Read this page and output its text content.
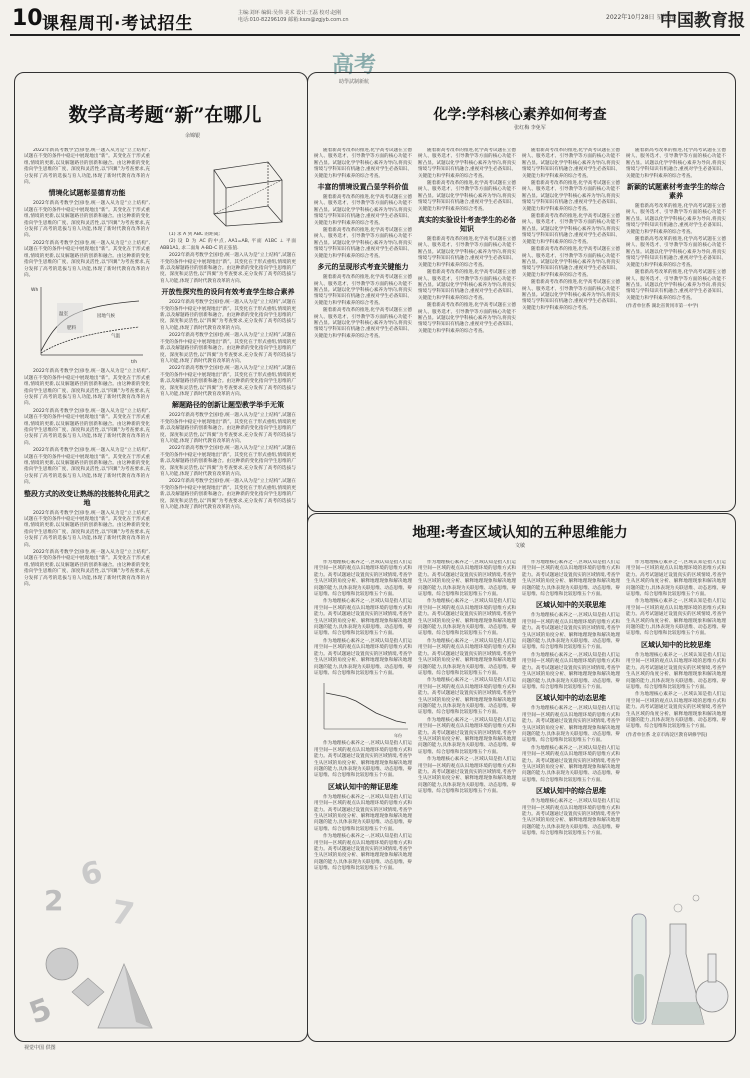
10 课程周刊·考试招生
主编:刘环 编辑:吴伟 美术 设计:王磊 校对:赵刚
电话:010-82296109 邮箱:kszs@zgjyb.com.cn	2022年10月28日 星期五
中国教育报
高考
助學試制新航
数学高考题“新”在哪儿
余锦银

2022年新高考数学全国I卷,统一题入从为是“立上结构”,试题在不变的条件中稳定中展现地出“新”。其变化在于形式重组,情境的更新,以及解题路径的创新和融合。由这种新的变化指向学生思维的广度、深度和灵活性,以“四翼”为考查要求,充分发挥了高考的选拔与育人功能,体现了新时代教育改革的方向。

情境化试题彰显德育功能

2022年新高考数学全国I卷,统一题入从为是“立上结构”,试题在不变的条件中稳定中展现地出“新”。其变化在于形式重组,情境的更新,以及解题路径的创新和融合。由这种新的变化指向学生思维的广度、深度和灵活性,以“四翼”为考查要求,充分发挥了高考的选拔与育人功能,体现了新时代教育改革的方向。

2022年新高考数学全国I卷,统一题入从为是“立上结构”,试题在不变的条件中稳定中展现地出“新”。其变化在于形式重组,情境的更新,以及解题路径的创新和融合。由这种新的变化指向学生思维的广度、深度和灵活性,以“四翼”为考查要求,充分发挥了高考的选拔与育人功能,体现了新时代教育改革的方向。

温室
肥料
园地气候
气温
Wh
t/h

2022年新高考数学全国I卷,统一题入从为是“立上结构”,试题在不变的条件中稳定中展现地出“新”。其变化在于形式重组,情境的更新,以及解题路径的创新和融合。由这种新的变化指向学生思维的广度、深度和灵活性,以“四翼”为考查要求,充分发挥了高考的选拔与育人功能,体现了新时代教育改革的方向。

2022年新高考数学全国I卷,统一题入从为是“立上结构”,试题在不变的条件中稳定中展现地出“新”。其变化在于形式重组,情境的更新,以及解题路径的创新和融合。由这种新的变化指向学生思维的广度、深度和灵活性,以“四翼”为考查要求,充分发挥了高考的选拔与育人功能,体现了新时代教育改革的方向。

2022年新高考数学全国I卷,统一题入从为是“立上结构”,试题在不变的条件中稳定中展现地出“新”。其变化在于形式重组,情境的更新,以及解题路径的创新和融合。由这种新的变化指向学生思维的广度、深度和灵活性,以“四翼”为考查要求,充分发挥了高考的选拔与育人功能,体现了新时代教育改革的方向。

整段方式的改变让熟练的技能转化用武之地

2022年新高考数学全国I卷,统一题入从为是“立上结构”,试题在不变的条件中稳定中展现地出“新”。其变化在于形式重组,情境的更新,以及解题路径的创新和融合。由这种新的变化指向学生思维的广度、深度和灵活性,以“四翼”为考查要求,充分发挥了高考的选拔与育人功能,体现了新时代教育改革的方向。

2022年新高考数学全国I卷,统一题入从为是“立上结构”,试题在不变的条件中稳定中展现地出“新”。其变化在于形式重组,情境的更新,以及解题路径的创新和融合。由这种新的变化指向学生思维的广度、深度和灵活性,以“四翼”为考查要求,充分发挥了高考的选拔与育人功能,体现了新时代教育改革的方向。

(1) 求 A 到 ABC 的距离;

(2) 设 D 为 AC 的中点, AA1=AB, 平面 A1BC ⊥ 平面 ABB1A1, 求二面角 A-BD-C 的正弦值.

2022年新高考数学全国I卷,统一题入从为是“立上结构”,试题在不变的条件中稳定中展现地出“新”。其变化在于形式重组,情境的更新,以及解题路径的创新和融合。由这种新的变化指向学生思维的广度、深度和灵活性,以“四翼”为考查要求,充分发挥了高考的选拔与育人功能,体现了新时代教育改革的方向。

开放性探究性的设问有效考查学生综合素养

2022年新高考数学全国I卷,统一题入从为是“立上结构”,试题在不变的条件中稳定中展现地出“新”。其变化在于形式重组,情境的更新,以及解题路径的创新和融合。由这种新的变化指向学生思维的广度、深度和灵活性,以“四翼”为考查要求,充分发挥了高考的选拔与育人功能,体现了新时代教育改革的方向。

2022年新高考数学全国I卷,统一题入从为是“立上结构”,试题在不变的条件中稳定中展现地出“新”。其变化在于形式重组,情境的更新,以及解题路径的创新和融合。由这种新的变化指向学生思维的广度、深度和灵活性,以“四翼”为考查要求,充分发挥了高考的选拔与育人功能,体现了新时代教育改革的方向。

2022年新高考数学全国I卷,统一题入从为是“立上结构”,试题在不变的条件中稳定中展现地出“新”。其变化在于形式重组,情境的更新,以及解题路径的创新和融合。由这种新的变化指向学生思维的广度、深度和灵活性,以“四翼”为考查要求,充分发挥了高考的选拔与育人功能,体现了新时代教育改革的方向。

解题路径的创新让题型教学举手无策

2022年新高考数学全国I卷,统一题入从为是“立上结构”,试题在不变的条件中稳定中展现地出“新”。其变化在于形式重组,情境的更新,以及解题路径的创新和融合。由这种新的变化指向学生思维的广度、深度和灵活性,以“四翼”为考查要求,充分发挥了高考的选拔与育人功能,体现了新时代教育改革的方向。

2022年新高考数学全国I卷,统一题入从为是“立上结构”,试题在不变的条件中稳定中展现地出“新”。其变化在于形式重组,情境的更新,以及解题路径的创新和融合。由这种新的变化指向学生思维的广度、深度和灵活性,以“四翼”为考查要求,充分发挥了高考的选拔与育人功能,体现了新时代教育改革的方向。

2022年新高考数学全国I卷,统一题入从为是“立上结构”,试题在不变的条件中稳定中展现地出“新”。其变化在于形式重组,情境的更新,以及解题路径的创新和融合。由这种新的变化指向学生思维的广度、深度和灵活性,以“四翼”为考查要求,充分发挥了高考的选拔与育人功能,体现了新时代教育改革的方向。

6
2 7
5
化学:学科核心素养如何考查
张红梅 李免军

随着新高考改革的推进,化学高考试题在立德树人、服务选才、引导教学等方面的核心功能不断凸显。试题以化学学科核心素养为导向,将真实情境与学科知识有机融合,重视对学生必备知识、关键能力和学科素养的综合考查。

丰富的情境设置凸显学科价值

随着新高考改革的推进,化学高考试题在立德树人、服务选才、引导教学等方面的核心功能不断凸显。试题以化学学科核心素养为导向,将真实情境与学科知识有机融合,重视对学生必备知识、关键能力和学科素养的综合考查。

随着新高考改革的推进,化学高考试题在立德树人、服务选才、引导教学等方面的核心功能不断凸显。试题以化学学科核心素养为导向,将真实情境与学科知识有机融合,重视对学生必备知识、关键能力和学科素养的综合考查。

多元的呈现形式考查关键能力

随着新高考改革的推进,化学高考试题在立德树人、服务选才、引导教学等方面的核心功能不断凸显。试题以化学学科核心素养为导向,将真实情境与学科知识有机融合,重视对学生必备知识、关键能力和学科素养的综合考查。

随着新高考改革的推进,化学高考试题在立德树人、服务选才、引导教学等方面的核心功能不断凸显。试题以化学学科核心素养为导向,将真实情境与学科知识有机融合,重视对学生必备知识、关键能力和学科素养的综合考查。

随着新高考改革的推进,化学高考试题在立德树人、服务选才、引导教学等方面的核心功能不断凸显。试题以化学学科核心素养为导向,将真实情境与学科知识有机融合,重视对学生必备知识、关键能力和学科素养的综合考查。

随着新高考改革的推进,化学高考试题在立德树人、服务选才、引导教学等方面的核心功能不断凸显。试题以化学学科核心素养为导向,将真实情境与学科知识有机融合,重视对学生必备知识、关键能力和学科素养的综合考查。

真实的实验设计考查学生的必备知识

随着新高考改革的推进,化学高考试题在立德树人、服务选才、引导教学等方面的核心功能不断凸显。试题以化学学科核心素养为导向,将真实情境与学科知识有机融合,重视对学生必备知识、关键能力和学科素养的综合考查。

随着新高考改革的推进,化学高考试题在立德树人、服务选才、引导教学等方面的核心功能不断凸显。试题以化学学科核心素养为导向,将真实情境与学科知识有机融合,重视对学生必备知识、关键能力和学科素养的综合考查。

随着新高考改革的推进,化学高考试题在立德树人、服务选才、引导教学等方面的核心功能不断凸显。试题以化学学科核心素养为导向,将真实情境与学科知识有机融合,重视对学生必备知识、关键能力和学科素养的综合考查。

随着新高考改革的推进,化学高考试题在立德树人、服务选才、引导教学等方面的核心功能不断凸显。试题以化学学科核心素养为导向,将真实情境与学科知识有机融合,重视对学生必备知识、关键能力和学科素养的综合考查。

随着新高考改革的推进,化学高考试题在立德树人、服务选才、引导教学等方面的核心功能不断凸显。试题以化学学科核心素养为导向,将真实情境与学科知识有机融合,重视对学生必备知识、关键能力和学科素养的综合考查。

随着新高考改革的推进,化学高考试题在立德树人、服务选才、引导教学等方面的核心功能不断凸显。试题以化学学科核心素养为导向,将真实情境与学科知识有机融合,重视对学生必备知识、关键能力和学科素养的综合考查。

随着新高考改革的推进,化学高考试题在立德树人、服务选才、引导教学等方面的核心功能不断凸显。试题以化学学科核心素养为导向,将真实情境与学科知识有机融合,重视对学生必备知识、关键能力和学科素养的综合考查。

随着新高考改革的推进,化学高考试题在立德树人、服务选才、引导教学等方面的核心功能不断凸显。试题以化学学科核心素养为导向,将真实情境与学科知识有机融合,重视对学生必备知识、关键能力和学科素养的综合考查。

随着新高考改革的推进,化学高考试题在立德树人、服务选才、引导教学等方面的核心功能不断凸显。试题以化学学科核心素养为导向,将真实情境与学科知识有机融合,重视对学生必备知识、关键能力和学科素养的综合考查。

新颖的试题素材考查学生的综合素养

随着新高考改革的推进,化学高考试题在立德树人、服务选才、引导教学等方面的核心功能不断凸显。试题以化学学科核心素养为导向,将真实情境与学科知识有机融合,重视对学生必备知识、关键能力和学科素养的综合考查。

随着新高考改革的推进,化学高考试题在立德树人、服务选才、引导教学等方面的核心功能不断凸显。试题以化学学科核心素养为导向,将真实情境与学科知识有机融合,重视对学生必备知识、关键能力和学科素养的综合考查。

随着新高考改革的推进,化学高考试题在立德树人、服务选才、引导教学等方面的核心功能不断凸显。试题以化学学科核心素养为导向,将真实情境与学科知识有机融合,重视对学生必备知识、关键能力和学科素养的综合考查。

(作者单位系 湖北省黄冈市第一中学)
地理:考查区域认知的五种思维能力
文敏

作为地理核心素养之一,区域认知是指人们运用空间—区域的观点认识地理环境的思维方式和能力。高考试题通过设置真实的区域情境,考查学生从区域的角度分析、解释地理现象和解决地理问题的能力,具体表现为关联思维、动态思维、辩证思维、综合思维和比较思维五个方面。

作为地理核心素养之一,区域认知是指人们运用空间—区域的观点认识地理环境的思维方式和能力。高考试题通过设置真实的区域情境,考查学生从区域的角度分析、解释地理现象和解决地理问题的能力,具体表现为关联思维、动态思维、辩证思维、综合思维和比较思维五个方面。

作为地理核心素养之一,区域认知是指人们运用空间—区域的观点认识地理环境的思维方式和能力。高考试题通过设置真实的区域情境,考查学生从区域的角度分析、解释地理现象和解决地理问题的能力,具体表现为关联思维、动态思维、辩证思维、综合思维和比较思维五个方面。

年份

作为地理核心素养之一,区域认知是指人们运用空间—区域的观点认识地理环境的思维方式和能力。高考试题通过设置真实的区域情境,考查学生从区域的角度分析、解释地理现象和解决地理问题的能力,具体表现为关联思维、动态思维、辩证思维、综合思维和比较思维五个方面。

区域认知中的辩证思维

作为地理核心素养之一,区域认知是指人们运用空间—区域的观点认识地理环境的思维方式和能力。高考试题通过设置真实的区域情境,考查学生从区域的角度分析、解释地理现象和解决地理问题的能力,具体表现为关联思维、动态思维、辩证思维、综合思维和比较思维五个方面。

作为地理核心素养之一,区域认知是指人们运用空间—区域的观点认识地理环境的思维方式和能力。高考试题通过设置真实的区域情境,考查学生从区域的角度分析、解释地理现象和解决地理问题的能力,具体表现为关联思维、动态思维、辩证思维、综合思维和比较思维五个方面。

作为地理核心素养之一,区域认知是指人们运用空间—区域的观点认识地理环境的思维方式和能力。高考试题通过设置真实的区域情境,考查学生从区域的角度分析、解释地理现象和解决地理问题的能力,具体表现为关联思维、动态思维、辩证思维、综合思维和比较思维五个方面。

作为地理核心素养之一,区域认知是指人们运用空间—区域的观点认识地理环境的思维方式和能力。高考试题通过设置真实的区域情境,考查学生从区域的角度分析、解释地理现象和解决地理问题的能力,具体表现为关联思维、动态思维、辩证思维、综合思维和比较思维五个方面。

作为地理核心素养之一,区域认知是指人们运用空间—区域的观点认识地理环境的思维方式和能力。高考试题通过设置真实的区域情境,考查学生从区域的角度分析、解释地理现象和解决地理问题的能力,具体表现为关联思维、动态思维、辩证思维、综合思维和比较思维五个方面。

作为地理核心素养之一,区域认知是指人们运用空间—区域的观点认识地理环境的思维方式和能力。高考试题通过设置真实的区域情境,考查学生从区域的角度分析、解释地理现象和解决地理问题的能力,具体表现为关联思维、动态思维、辩证思维、综合思维和比较思维五个方面。

作为地理核心素养之一,区域认知是指人们运用空间—区域的观点认识地理环境的思维方式和能力。高考试题通过设置真实的区域情境,考查学生从区域的角度分析、解释地理现象和解决地理问题的能力,具体表现为关联思维、动态思维、辩证思维、综合思维和比较思维五个方面。

作为地理核心素养之一,区域认知是指人们运用空间—区域的观点认识地理环境的思维方式和能力。高考试题通过设置真实的区域情境,考查学生从区域的角度分析、解释地理现象和解决地理问题的能力,具体表现为关联思维、动态思维、辩证思维、综合思维和比较思维五个方面。

作为地理核心素养之一,区域认知是指人们运用空间—区域的观点认识地理环境的思维方式和能力。高考试题通过设置真实的区域情境,考查学生从区域的角度分析、解释地理现象和解决地理问题的能力,具体表现为关联思维、动态思维、辩证思维、综合思维和比较思维五个方面。

区域认知中的关联思维

作为地理核心素养之一,区域认知是指人们运用空间—区域的观点认识地理环境的思维方式和能力。高考试题通过设置真实的区域情境,考查学生从区域的角度分析、解释地理现象和解决地理问题的能力,具体表现为关联思维、动态思维、辩证思维、综合思维和比较思维五个方面。

作为地理核心素养之一,区域认知是指人们运用空间—区域的观点认识地理环境的思维方式和能力。高考试题通过设置真实的区域情境,考查学生从区域的角度分析、解释地理现象和解决地理问题的能力,具体表现为关联思维、动态思维、辩证思维、综合思维和比较思维五个方面。

区域认知中的动态思维

作为地理核心素养之一,区域认知是指人们运用空间—区域的观点认识地理环境的思维方式和能力。高考试题通过设置真实的区域情境,考查学生从区域的角度分析、解释地理现象和解决地理问题的能力,具体表现为关联思维、动态思维、辩证思维、综合思维和比较思维五个方面。

作为地理核心素养之一,区域认知是指人们运用空间—区域的观点认识地理环境的思维方式和能力。高考试题通过设置真实的区域情境,考查学生从区域的角度分析、解释地理现象和解决地理问题的能力,具体表现为关联思维、动态思维、辩证思维、综合思维和比较思维五个方面。

区域认知中的综合思维

作为地理核心素养之一,区域认知是指人们运用空间—区域的观点认识地理环境的思维方式和能力。高考试题通过设置真实的区域情境,考查学生从区域的角度分析、解释地理现象和解决地理问题的能力,具体表现为关联思维、动态思维、辩证思维、综合思维和比较思维五个方面。

作为地理核心素养之一,区域认知是指人们运用空间—区域的观点认识地理环境的思维方式和能力。高考试题通过设置真实的区域情境,考查学生从区域的角度分析、解释地理现象和解决地理问题的能力,具体表现为关联思维、动态思维、辩证思维、综合思维和比较思维五个方面。

作为地理核心素养之一,区域认知是指人们运用空间—区域的观点认识地理环境的思维方式和能力。高考试题通过设置真实的区域情境,考查学生从区域的角度分析、解释地理现象和解决地理问题的能力,具体表现为关联思维、动态思维、辩证思维、综合思维和比较思维五个方面。

区域认知中的比较思维

作为地理核心素养之一,区域认知是指人们运用空间—区域的观点认识地理环境的思维方式和能力。高考试题通过设置真实的区域情境,考查学生从区域的角度分析、解释地理现象和解决地理问题的能力,具体表现为关联思维、动态思维、辩证思维、综合思维和比较思维五个方面。

作为地理核心素养之一,区域认知是指人们运用空间—区域的观点认识地理环境的思维方式和能力。高考试题通过设置真实的区域情境,考查学生从区域的角度分析、解释地理现象和解决地理问题的能力,具体表现为关联思维、动态思维、辩证思维、综合思维和比较思维五个方面。

(作者单位系 北京市海淀区教育研修学院)
视觉中国 供图
